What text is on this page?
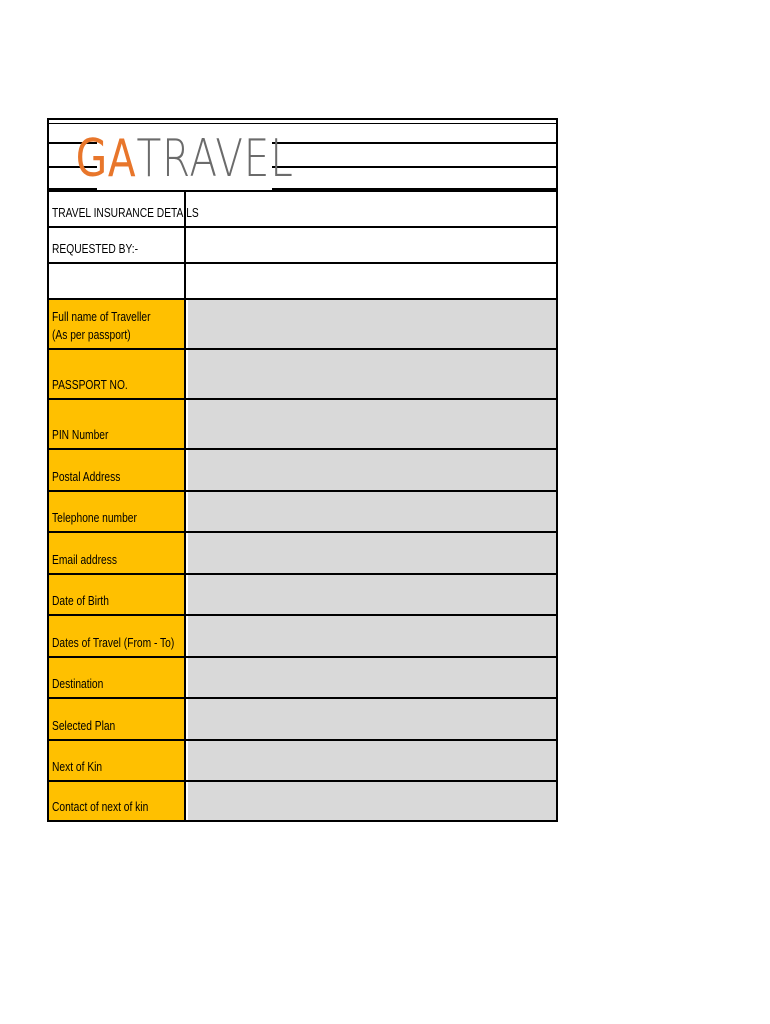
GATRAVEL
TRAVEL INSURANCE DETAILS
REQUESTED BY:-
Full name of Traveller (As per passport)
PASSPORT NO.
PIN Number
Postal Address
Telephone number
Email address
Date of Birth
Dates of Travel (From - To)
Destination
Selected Plan
Next of Kin
Contact of next of kin
